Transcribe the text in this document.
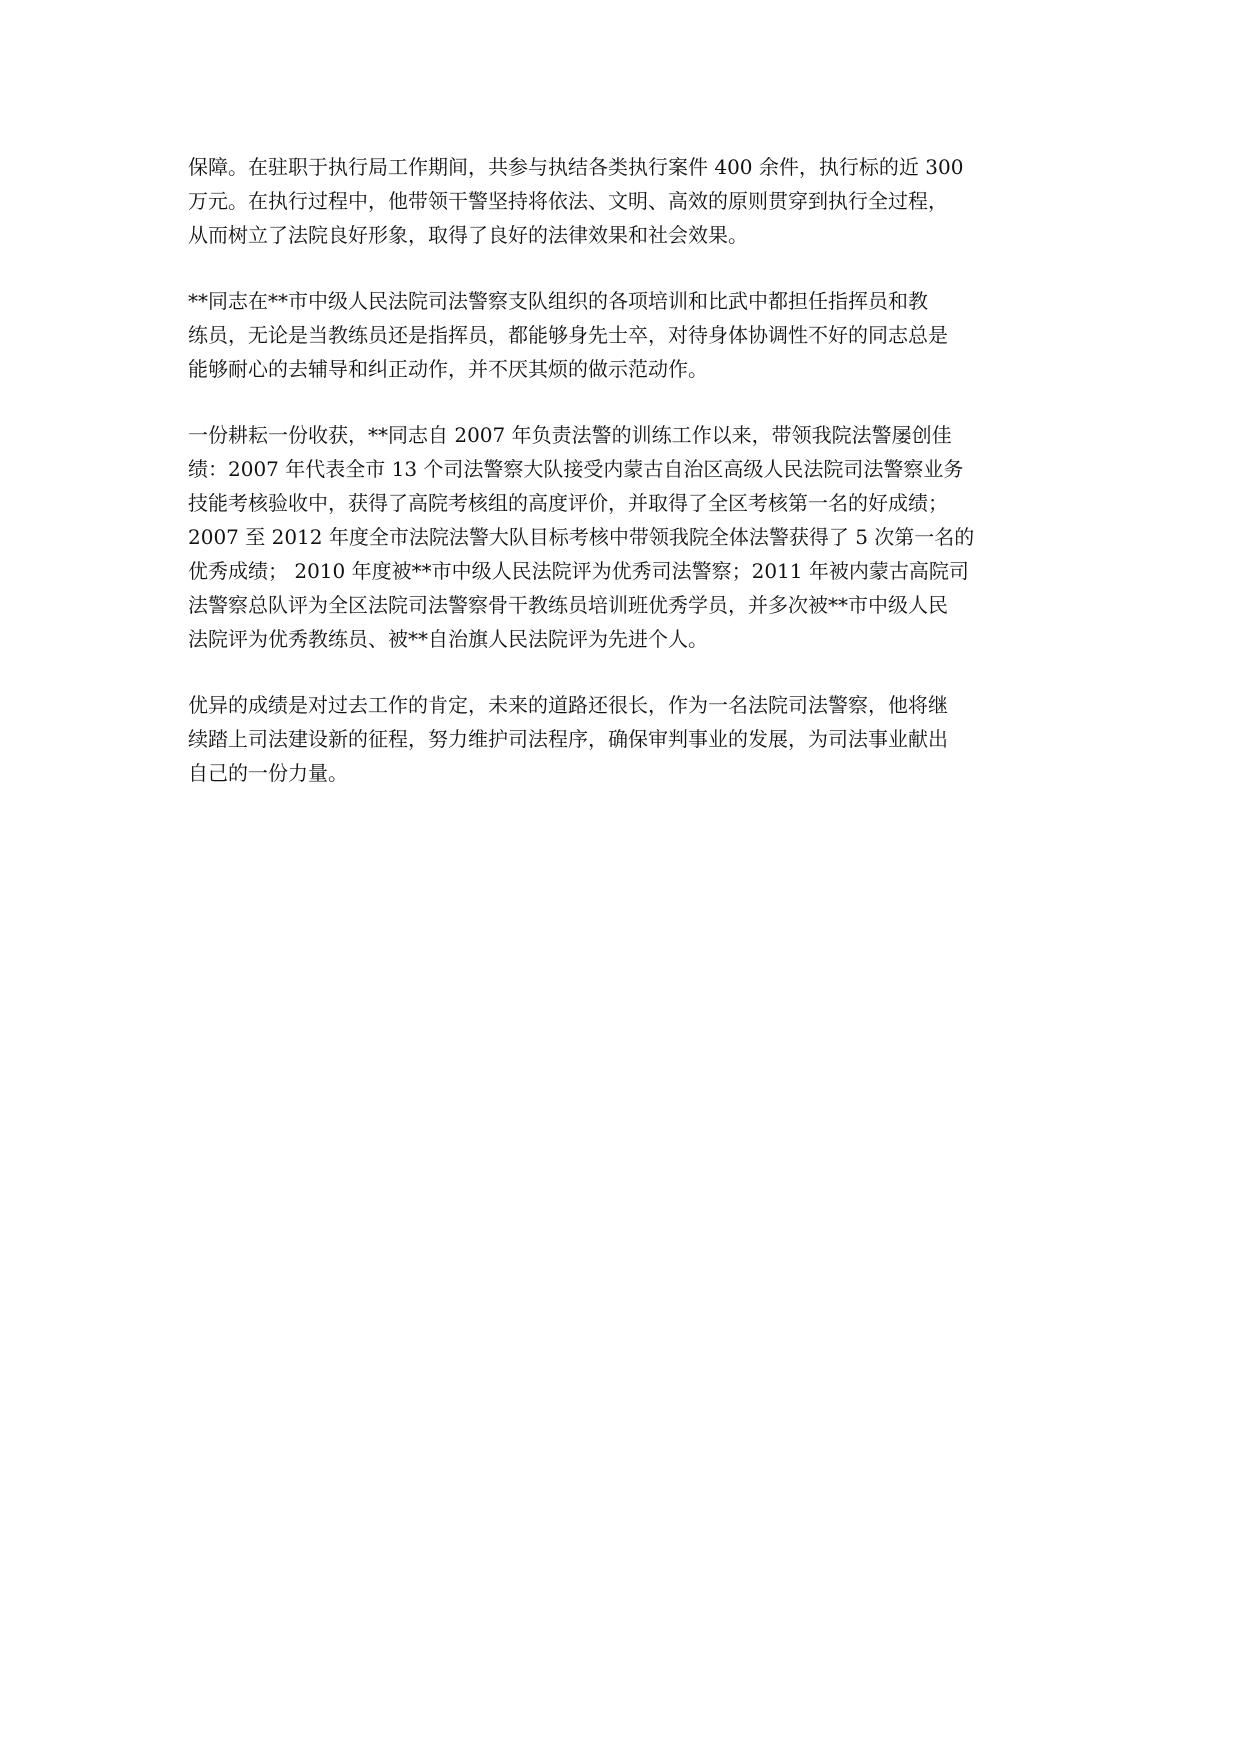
保障。在驻职于执行局工作期间，共参与执结各类执行案件 400 余件，执行标的近 300
万元。在执行过程中，他带领干警坚持将依法、文明、高效的原则贯穿到执行全过程，
从而树立了法院良好形象，取得了良好的法律效果和社会效果。

**同志在**市中级人民法院司法警察支队组织的各项培训和比武中都担任指挥员和教
练员，无论是当教练员还是指挥员，都能够身先士卒，对待身体协调性不好的同志总是
能够耐心的去辅导和纠正动作，并不厌其烦的做示范动作。

一份耕耘一份收获，**同志自 2007 年负责法警的训练工作以来，带领我院法警屡创佳
绩：2007 年代表全市 13 个司法警察大队接受内蒙古自治区高级人民法院司法警察业务
技能考核验收中，获得了高院考核组的高度评价，并取得了全区考核第一名的好成绩；
2007 至 2012 年度全市法院法警大队目标考核中带领我院全体法警获得了 5 次第一名的
优秀成绩； 2010 年度被**市中级人民法院评为优秀司法警察；2011 年被内蒙古高院司
法警察总队评为全区法院司法警察骨干教练员培训班优秀学员，并多次被**市中级人民
法院评为优秀教练员、被**自治旗人民法院评为先进个人。

优异的成绩是对过去工作的肯定，未来的道路还很长，作为一名法院司法警察，他将继
续踏上司法建设新的征程，努力维护司法程序，确保审判事业的发展，为司法事业献出
自己的一份力量。
